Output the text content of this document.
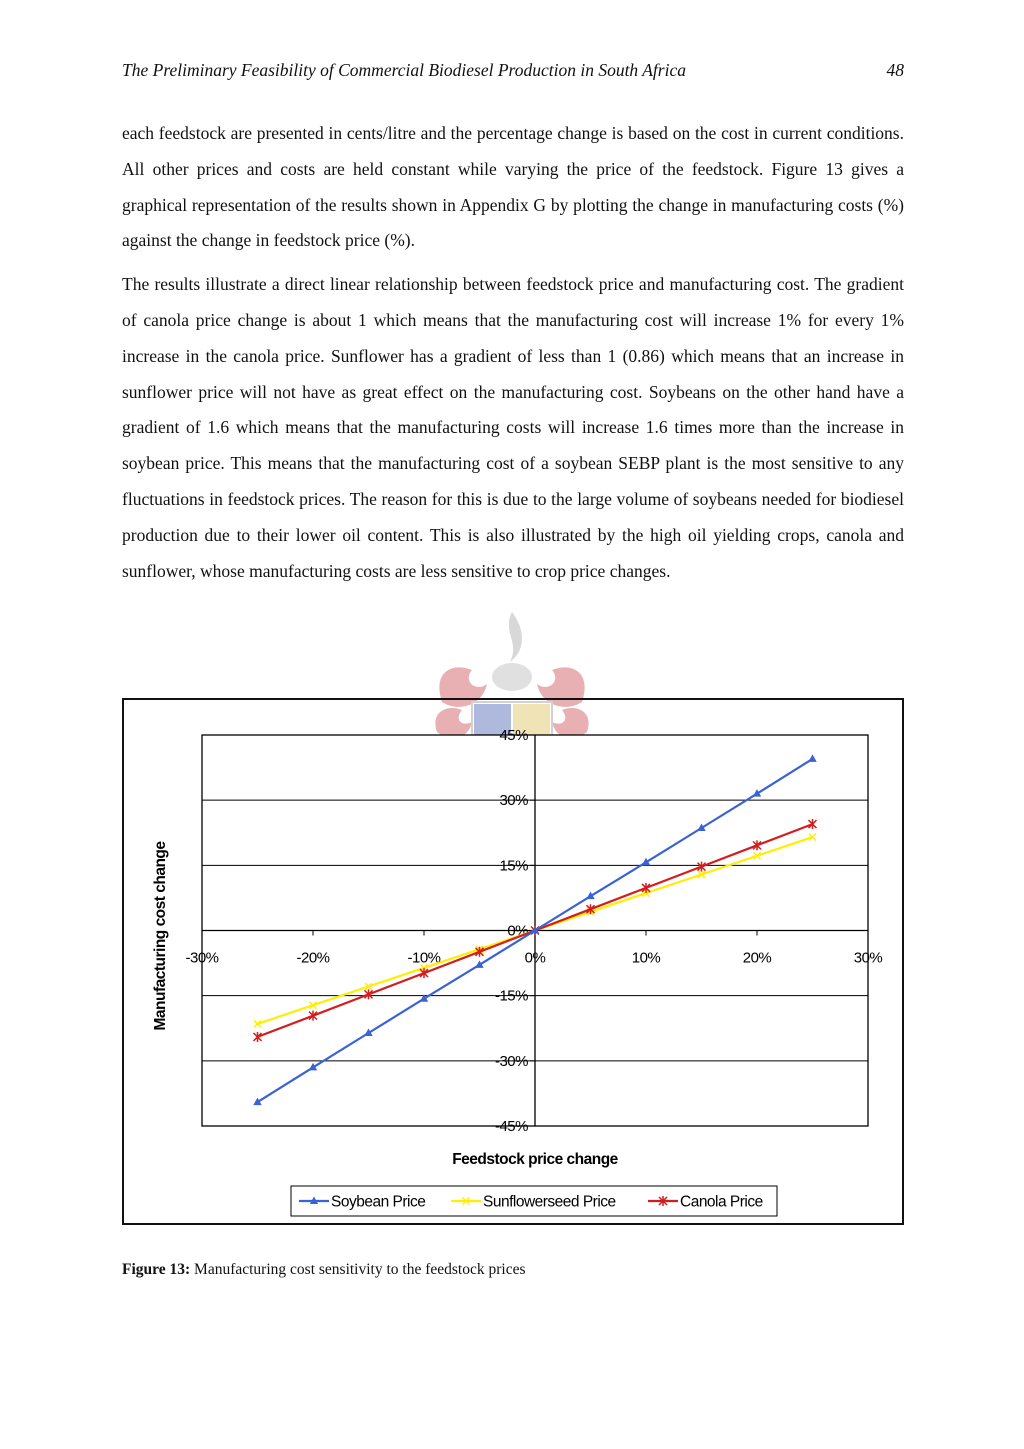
The Preliminary Feasibility of Commercial Biodiesel Production in South Africa	48

each feedstock are presented in cents/litre and the percentage change is based on the cost in current conditions. All other prices and costs are held constant while varying the price of the feedstock. Figure 13 gives a graphical representation of the results shown in Appendix G by plotting the change in manufacturing costs (%) against the change in feedstock price (%).

The results illustrate a direct linear relationship between feedstock price and manufacturing cost. The gradient of canola price change is about 1 which means that the manufacturing cost will increase 1% for every 1% increase in the canola price. Sunflower has a gradient of less than 1 (0.86) which means that an increase in sunflower price will not have as great effect on the manufacturing cost. Soybeans on the other hand have a gradient of 1.6 which means that the manufacturing costs will increase 1.6 times more than the increase in soybean price. This means that the manufacturing cost of a soybean SEBP plant is the most sensitive to any fluctuations in feedstock prices. The reason for this is due to the large volume of soybeans needed for biodiesel production due to their lower oil content. This is also illustrated by the high oil yielding crops, canola and sunflower, whose manufacturing costs are less sensitive to crop price changes.

45%
30%
15%
0%
-15%
-30%
-45%
-30%	-20%	-10%	0%	10%	20%	30%
Feedstock price change
Manufacturing cost change
Soybean Price	Sunflowerseed Price	Canola Price
Figure 13: Manufacturing cost sensitivity to the feedstock prices
